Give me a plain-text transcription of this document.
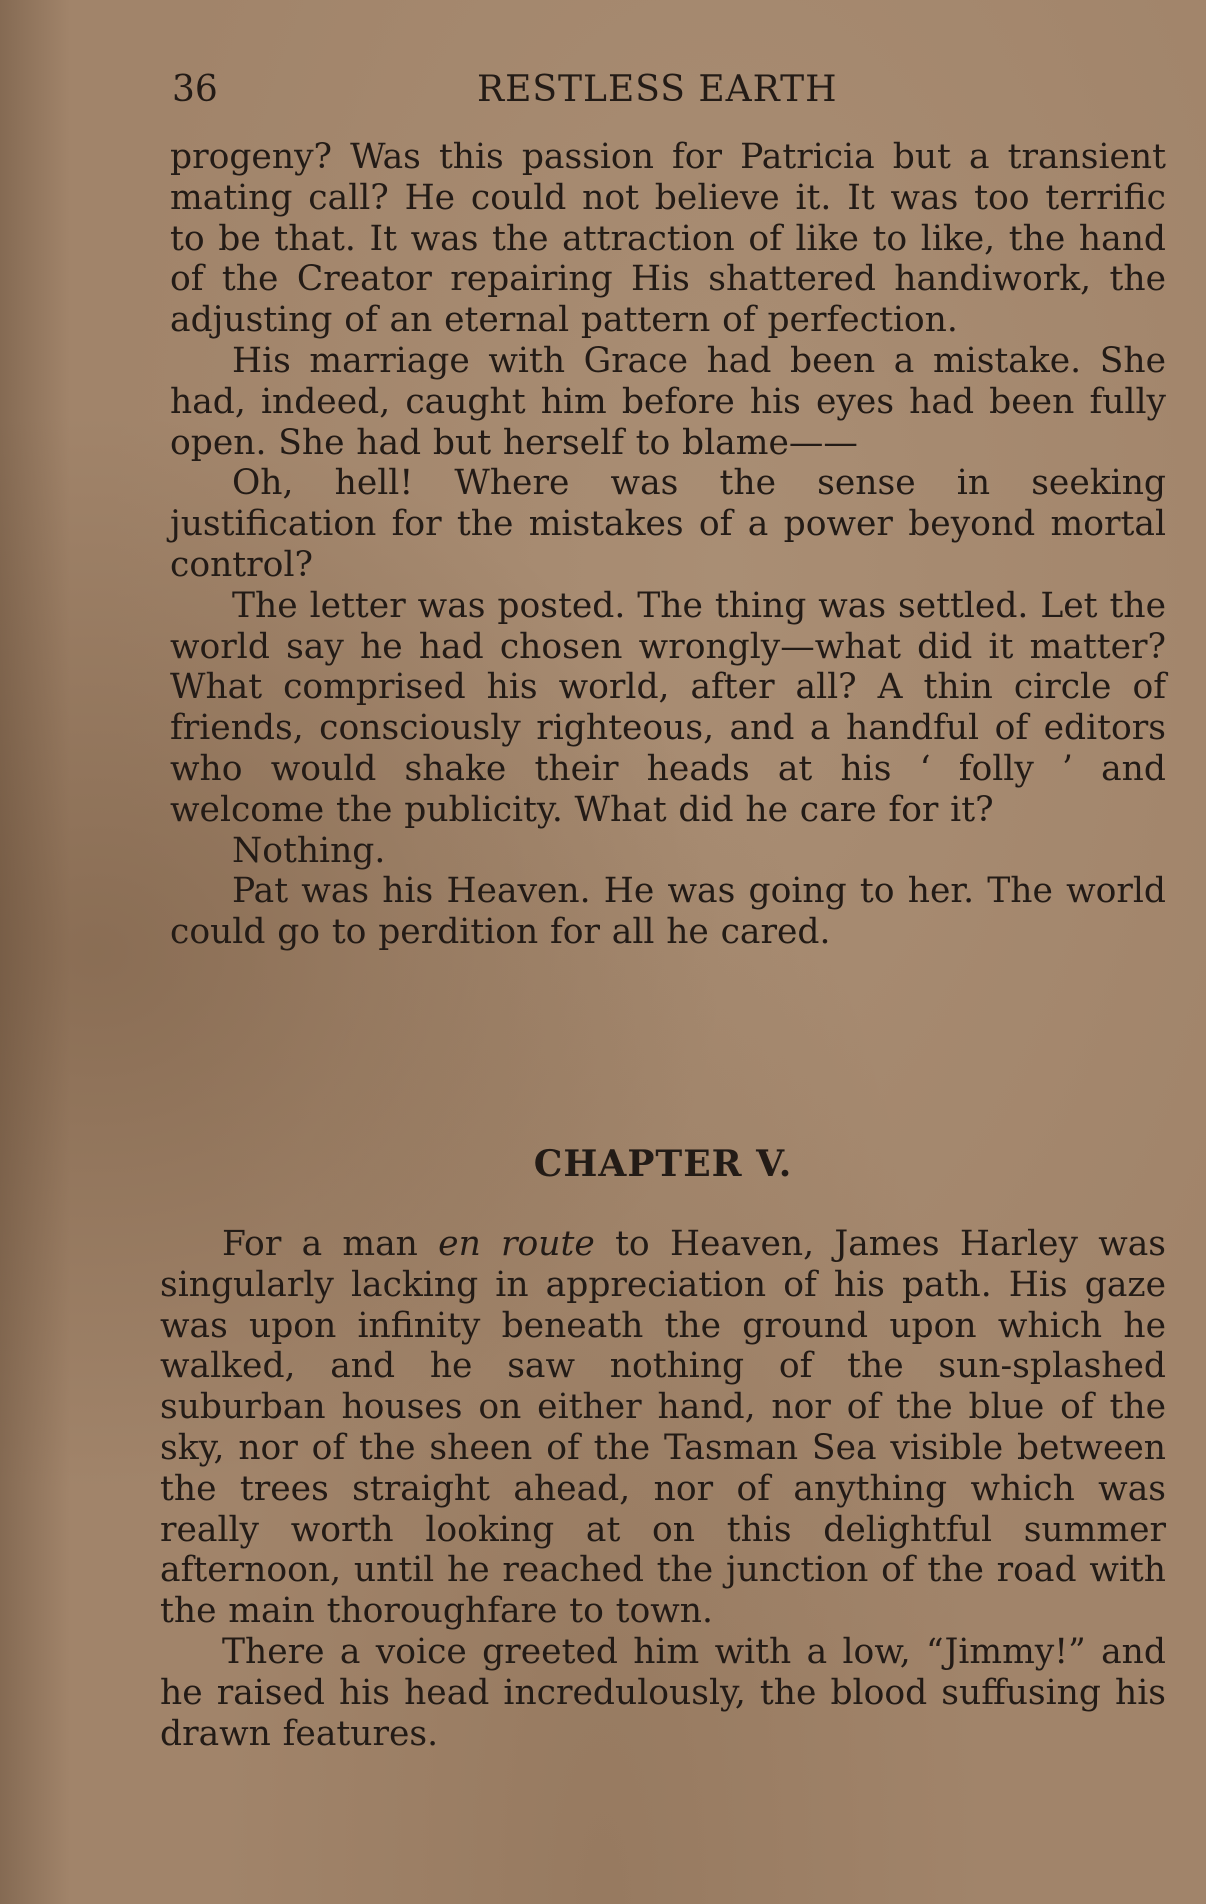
36	RESTLESS EARTH

progeny? Was this passion for Patricia but a transient mating call? He could not believe it. It was too terrific to be that. It was the attraction of like to like, the hand of the Creator repairing His shattered handiwork, the adjusting of an eternal pattern of perfection.

His marriage with Grace had been a mistake. She had, indeed, caught him before his eyes had been fully open. She had but herself to blame——

Oh, hell! Where was the sense in seeking justification for the mistakes of a power beyond mortal control?

The letter was posted. The thing was settled. Let the world say he had chosen wrongly—what did it matter? What comprised his world, after all? A thin circle of friends, consciously righteous, and a handful of editors who would shake their heads at his ‘ folly ’ and welcome the publicity. What did he care for it?

Nothing.

Pat was his Heaven. He was going to her. The world could go to perdition for all he cared.

CHAPTER V.

For a man en route to Heaven, James Harley was singularly lacking in appreciation of his path. His gaze was upon infinity beneath the ground upon which he walked, and he saw nothing of the sun-splashed suburban houses on either hand, nor of the blue of the sky, nor of the sheen of the Tasman Sea visible between the trees straight ahead, nor of anything which was really worth looking at on this delightful summer afternoon, until he reached the junction of the road with the main thoroughfare to town.

There a voice greeted him with a low, “Jimmy!” and he raised his head incredulously, the blood suffusing his drawn features.
